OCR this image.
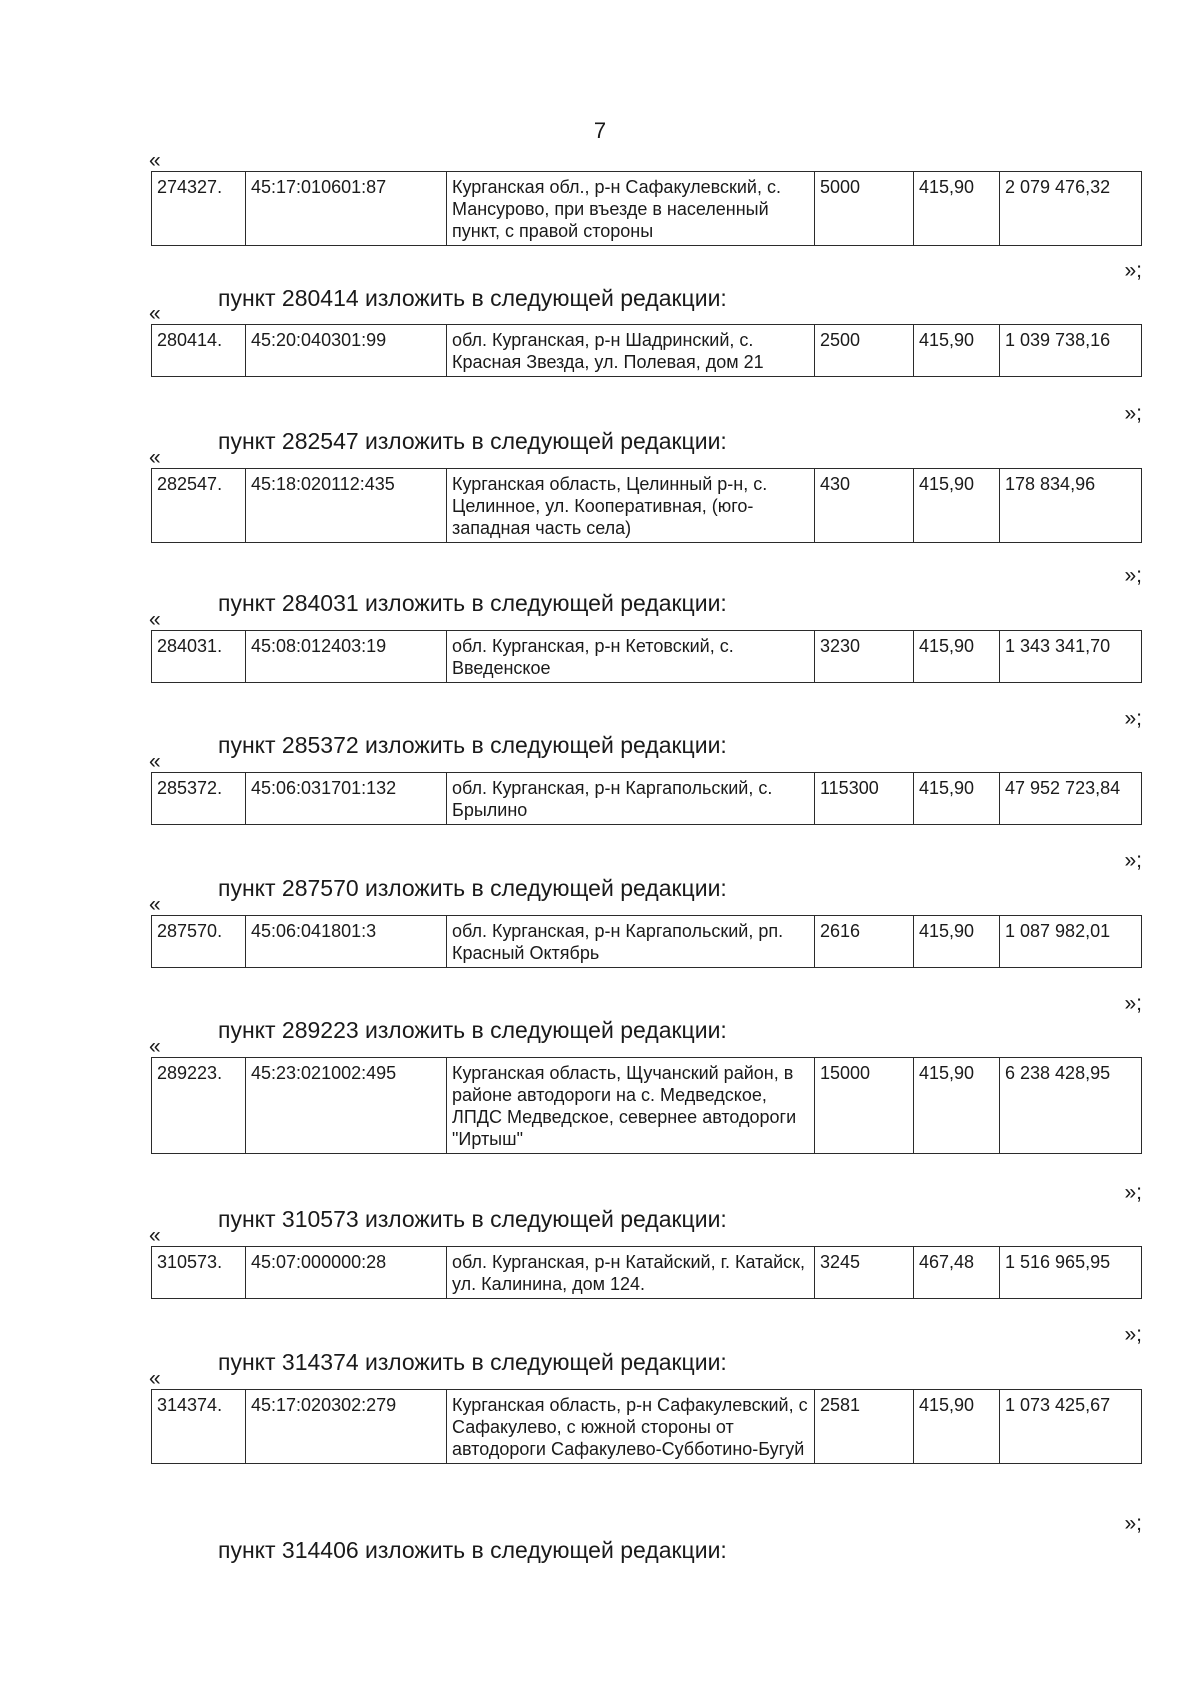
7
«
274327.	45:17:010601:87	Курганская обл., р-н Сафакулевский, с. Мансурово, при въезде в населенный пункт, с правой стороны	5000	415,90	2 079 476,32
»;
пункт 280414 изложить в следующей редакции:
«
280414.	45:20:040301:99	обл. Курганская, р-н Шадринский, с. Красная Звезда, ул. Полевая, дом 21	2500	415,90	1 039 738,16
»;
пункт 282547 изложить в следующей редакции:
«
282547.	45:18:020112:435	Курганская область, Целинный р-н, с. Целинное, ул. Кооперативная, (юго-западная часть села)	430	415,90	178 834,96
»;
пункт 284031 изложить в следующей редакции:
«
284031.	45:08:012403:19	обл. Курганская, р-н Кетовский, с. Введенское	3230	415,90	1 343 341,70
»;
пункт 285372 изложить в следующей редакции:
«
285372.	45:06:031701:132	обл. Курганская, р-н Каргапольский, с. Брылино	115300	415,90	47 952 723,84
»;
пункт 287570 изложить в следующей редакции:
«
287570.	45:06:041801:3	обл. Курганская, р-н Каргапольский, рп. Красный Октябрь	2616	415,90	1 087 982,01
»;
пункт 289223 изложить в следующей редакции:
«
289223.	45:23:021002:495	Курганская область, Щучанский район, в районе автодороги на с. Медведское, ЛПДС Медведское, севернее автодороги "Иртыш"	15000	415,90	6 238 428,95
»;
пункт 310573 изложить в следующей редакции:
«
310573.	45:07:000000:28	обл. Курганская, р-н Катайский, г. Катайск, ул. Калинина, дом 124.	3245	467,48	1 516 965,95
»;
пункт 314374 изложить в следующей редакции:
«
314374.	45:17:020302:279	Курганская область, р-н Сафакулевский, с Сафакулево, с южной стороны от автодороги Сафакулево-Субботино-Бугуй	2581	415,90	1 073 425,67
»;
пункт 314406 изложить в следующей редакции:
